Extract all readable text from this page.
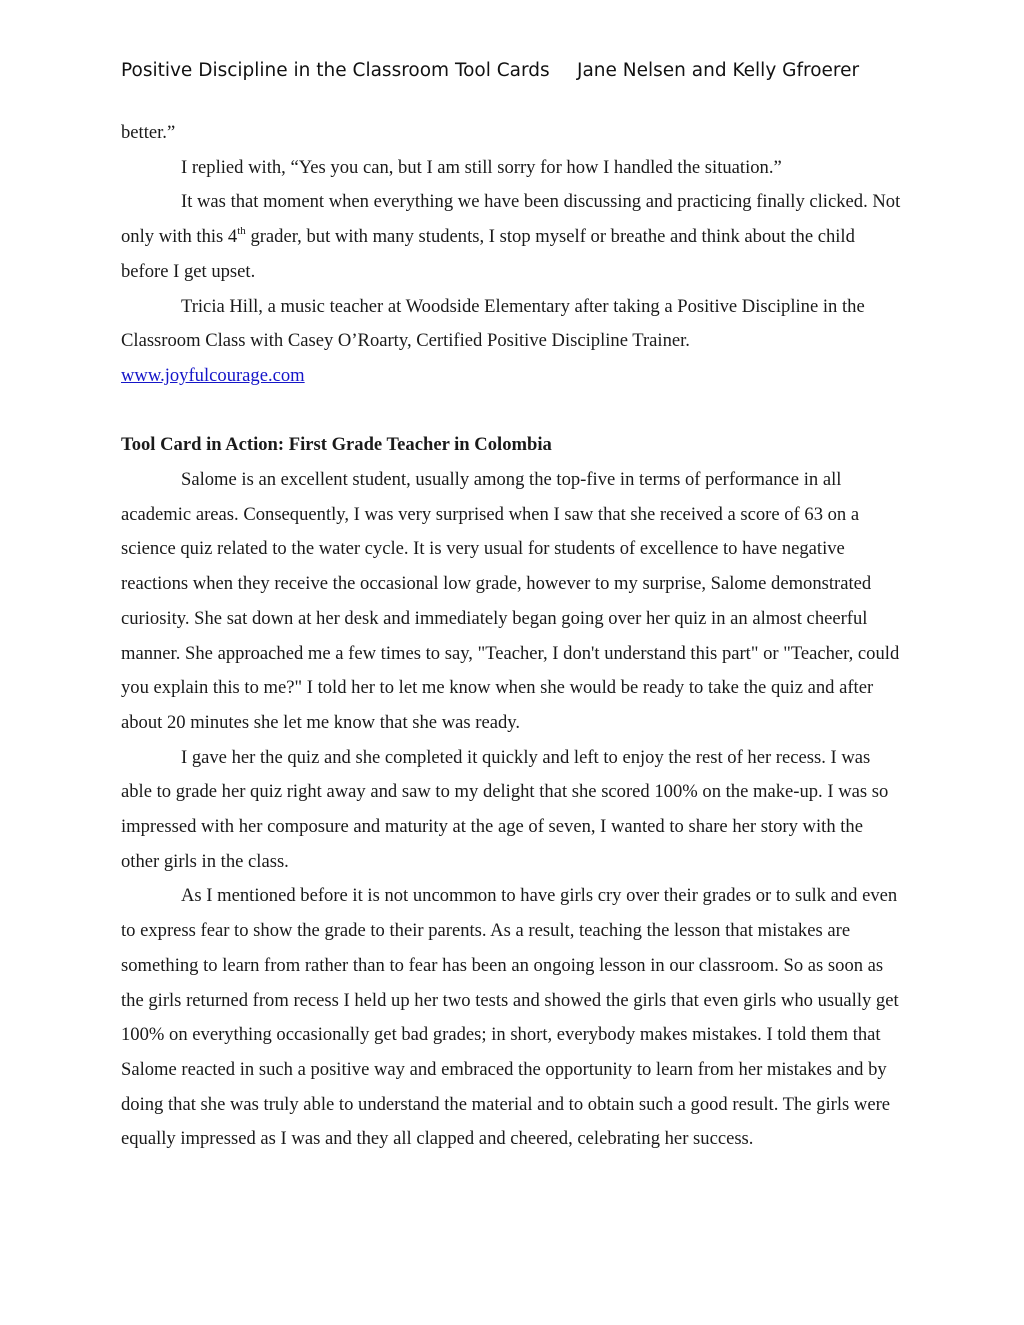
Positive Discipline in the Classroom Tool Cards Jane Nelsen and Kelly Gfroerer

better.”

I replied with, “Yes you can, but I am still sorry for how I handled the situation.”

It was that moment when everything we have been discussing and practicing finally clicked. Not only with this 4th grader, but with many students, I stop myself or breathe and think about the child before I get upset.

Tricia Hill, a music teacher at Woodside Elementary after taking a Positive Discipline in the Classroom Class with Casey O’Roarty, Certified Positive Discipline Trainer.

www.joyfulcourage.com

Tool Card in Action: First Grade Teacher in Colombia

Salome is an excellent student, usually among the top-five in terms of performance in all academic areas. Consequently, I was very surprised when I saw that she received a score of 63 on a science quiz related to the water cycle. It is very usual for students of excellence to have negative reactions when they receive the occasional low grade, however to my surprise, Salome demonstrated curiosity. She sat down at her desk and immediately began going over her quiz in an almost cheerful manner. She approached me a few times to say, "Teacher, I don't understand this part" or "Teacher, could you explain this to me?" I told her to let me know when she would be ready to take the quiz and after about 20 minutes she let me know that she was ready.

I gave her the quiz and she completed it quickly and left to enjoy the rest of her recess. I was able to grade her quiz right away and saw to my delight that she scored 100% on the make-up. I was so impressed with her composure and maturity at the age of seven, I wanted to share her story with the other girls in the class.

As I mentioned before it is not uncommon to have girls cry over their grades or to sulk and even to express fear to show the grade to their parents. As a result, teaching the lesson that mistakes are something to learn from rather than to fear has been an ongoing lesson in our classroom. So as soon as the girls returned from recess I held up her two tests and showed the girls that even girls who usually get 100% on everything occasionally get bad grades; in short, everybody makes mistakes. I told them that Salome reacted in such a positive way and embraced the opportunity to learn from her mistakes and by doing that she was truly able to understand the material and to obtain such a good result. The girls were equally impressed as I was and they all clapped and cheered, celebrating her success.
